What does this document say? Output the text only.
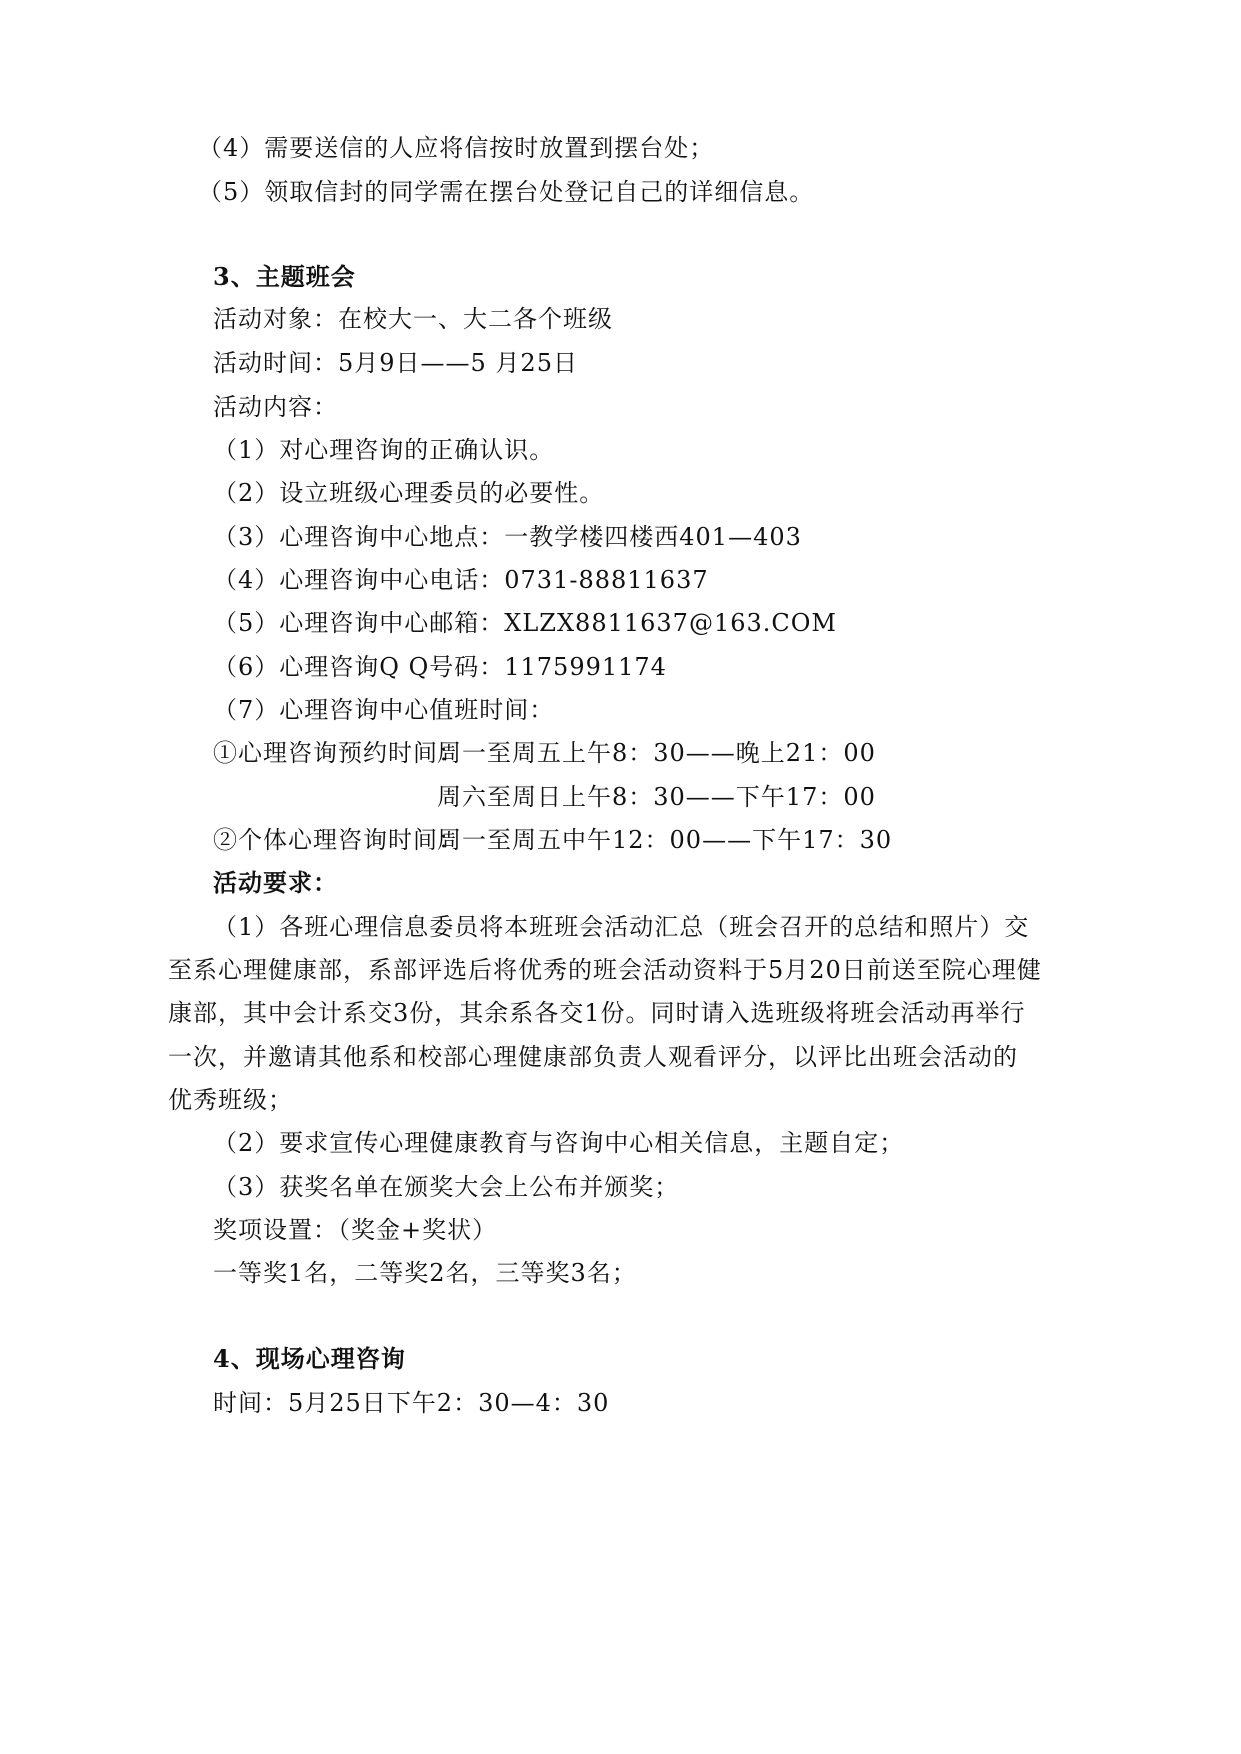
（4）需要送信的人应将信按时放置到摆台处；
（5）领取信封的同学需在摆台处登记自己的详细信息。
3、主题班会
活动对象：在校大一、大二各个班级
活动时间：5月9日——5 月25日
活动内容：
（1）对心理咨询的正确认识。
（2）设立班级心理委员的必要性。
（3）心理咨询中心地点：一教学楼四楼西401—403
（4）心理咨询中心电话：0731-88811637
（5）心理咨询中心邮箱：XLZX8811637@163.COM
（6）心理咨询Q Q号码：1175991174
（7）心理咨询中心值班时间：
①心理咨询预约时间：
周一至周五上午8：30——晚上21：00
周六至周日上午8：30——下午17：00
②个体心理咨询时间：
周一至周五中午12：00——下午17：30
活动要求：
（1）各班心理信息委员将本班班会活动汇总（班会召开的总结和照片）交
至系心理健康部，系部评选后将优秀的班会活动资料于5月20日前送至院心理健
康部，其中会计系交3份，其余系各交1份。同时请入选班级将班会活动再举行
一次，并邀请其他系和校部心理健康部负责人观看评分，以评比出班会活动的
优秀班级；
（2）要求宣传心理健康教育与咨询中心相关信息，主题自定；
（3）获奖名单在颁奖大会上公布并颁奖；
奖项设置：（奖金+奖状）
一等奖1名，二等奖2名，三等奖3名；
4、现场心理咨询
时间：5月25日下午2：30—4：30
